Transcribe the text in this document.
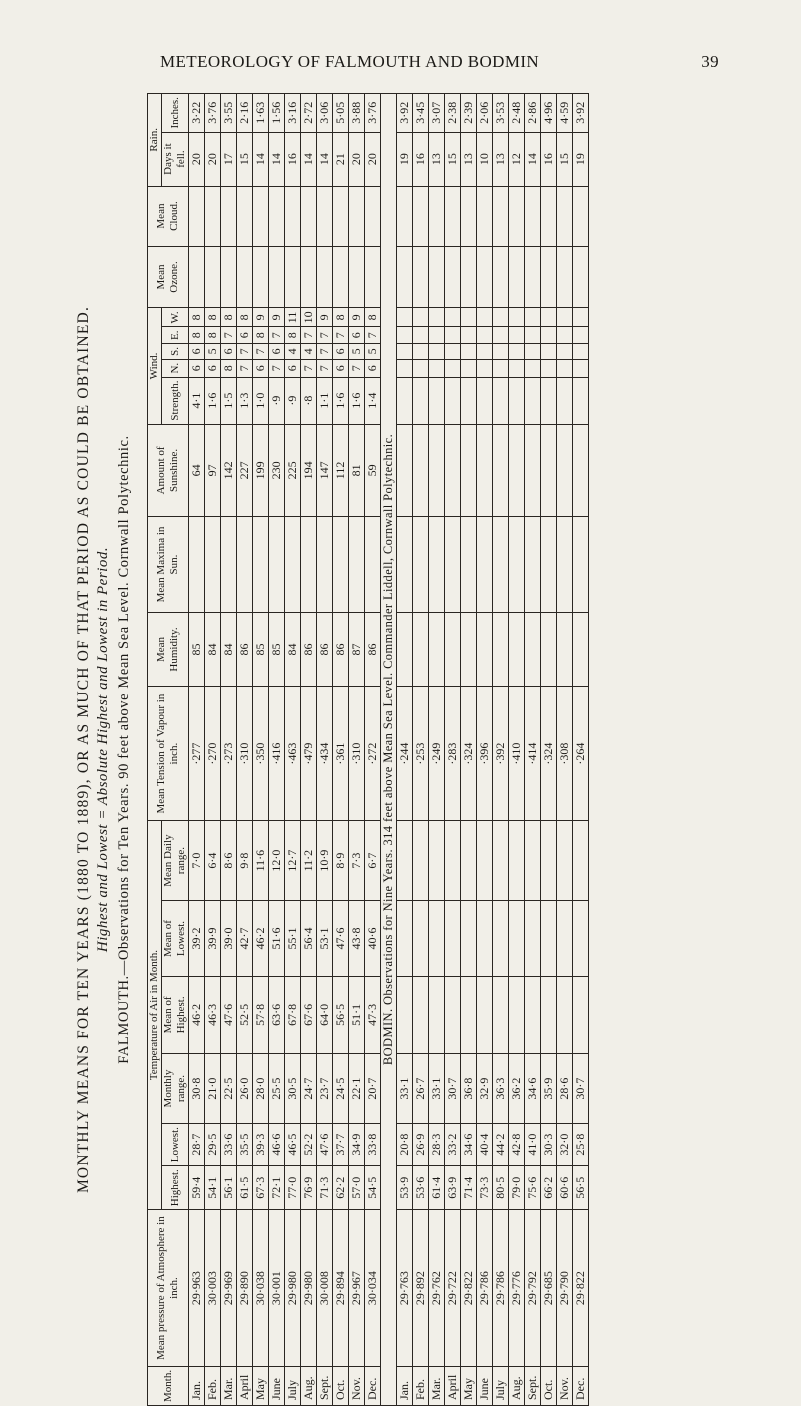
METEOROLOGY OF FALMOUTH AND BODMIN	39
MONTHLY MEANS FOR TEN YEARS (1880 TO 1889), OR AS MUCH OF THAT PERIOD AS COULD BE OBTAINED. Highest and Lowest = Absolute Highest and Lowest in Period. FALMOUTH.—Observations for Ten Years. 90 feet above Mean Sea Level. Cornwall Polytechnic.
Month.	Mean pressure of Atmosphere in inch.	Temperature of Air in Month.						Mean Tension of Vapour in inch.	Mean Humidity.	Mean Maxima in Sun.	Amount of Sunshine.	Wind.					Mean Ozone.	Mean Cloud.	Rain.	
		Highest.	Lowest.	Monthly range.	Mean of Highest.	Mean of Lowest.	Mean Daily range.					Strength.	N.	S.	E.	W.			Days it fell.	Inches.
Jan.	29·963	59·4	28·7	30·8	46·2	39·2	7·0	·277	85		64	4·1	6	6	8	8			20	3·22
Feb.	30·003	54·1	29·5	21·0	46·3	39·9	6·4	·270	84		97	1·6	6	5	8	8			20	3·76
Mar.	29·969	56·1	33·6	22·5	47·6	39·0	8·6	·273	84		142	1·5	8	6	7	8			17	3·55
April	29·890	61·5	35·5	26·0	52·5	42·7	9·8	·310	86		227	1·3	7	7	6	8			15	2·16
May	30·038	67·3	39·3	28·0	57·8	46·2	11·6	·350	85		199	1·0	6	7	8	9			14	1·63
June	30·001	72·1	46·6	25·5	63·6	51·6	12·0	·416	85		230	·9	7	6	7	9			14	1·56
July	29·980	77·0	46·5	30·5	67·8	55·1	12·7	·463	84		225	·9	6	4	8	11			16	3·16
Aug.	29·980	76·9	52·2	24·7	67·6	56·4	11·2	·479	86		194	·8	7	4	7	10			14	2·72
Sept.	30·008	71·3	47·6	23·7	64·0	53·1	10·9	·434	86		147	1·1	7	7	7	9			14	3·06
Oct.	29·894	62·2	37·7	24·5	56·5	47·6	8·9	·361	86		112	1·6	6	6	7	8			21	5·05
Nov.	29·967	57·0	34·9	22·1	51·1	43·8	7·3	·310	87		81	1·6	7	5	6	9			20	3·88
Dec.	30·034	54·5	33·8	20·7	47·3	40·6	6·7	·272	86		59	1·4	6	5	7	8			20	3·76
BODMIN. Observations for Nine Years. 314 feet above Mean Sea Level. Commander Liddell, Cornwall Polytechnic.																				
Jan.	29·763	53·9	20·8	33·1				·244											19	3·92
Feb.	29·892	53·6	26·9	26·7				·253											16	3·45
Mar.	29·762	61·4	28·3	33·1				·249											13	3·07
April	29·722	63·9	33·2	30·7				·283											15	2·38
May	29·822	71·4	34·6	36·8				·324											13	2·39
June	29·786	73·3	40·4	32·9				·396											10	2·06
July	29·786	80·5	44·2	36·3				·392											13	3·53
Aug.	29·776	79·0	42·8	36·2				·410											12	2·48
Sept.	29·792	75·6	41·0	34·6				·414											14	2·86
Oct.	29·685	66·2	30·3	35·9				·324											16	4·96
Nov.	29·790	60·6	32·0	28·6				·308											15	4·59
Dec.	29·822	56·5	25·8	30·7				·264											19	3·92
